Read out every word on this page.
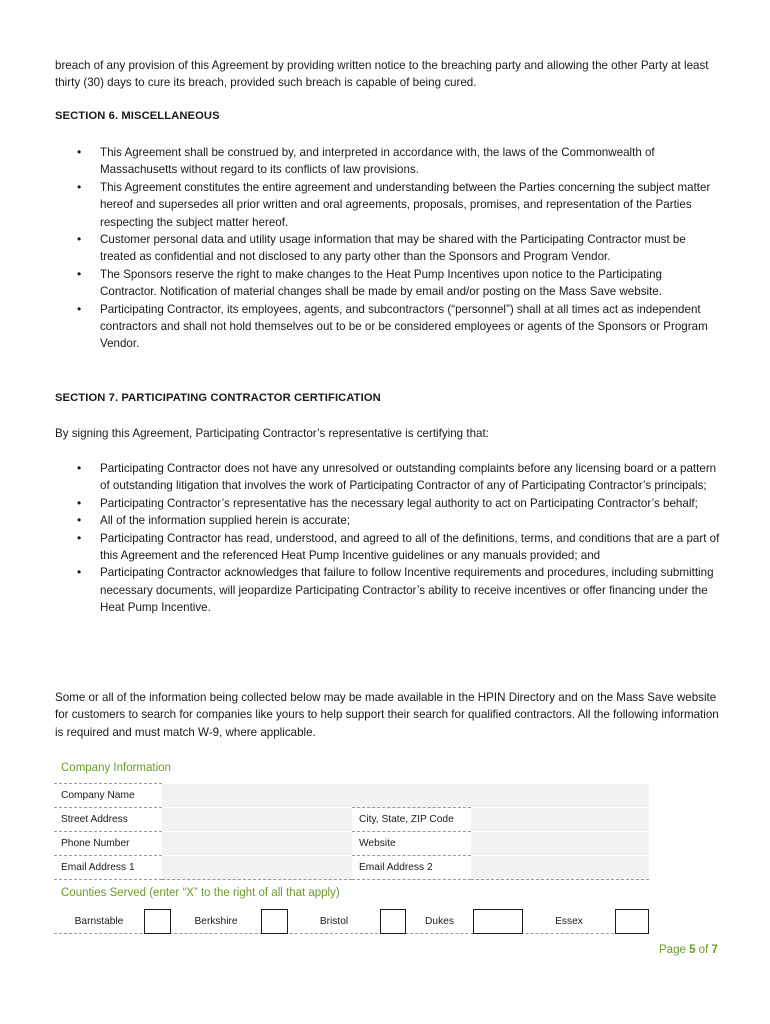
breach of any provision of this Agreement by providing written notice to the breaching party and allowing the other Party at least thirty (30) days to cure its breach, provided such breach is capable of being cured.

SECTION 6. MISCELLANEOUS
• This Agreement shall be construed by, and interpreted in accordance with, the laws of the Commonwealth of Massachusetts without regard to its conflicts of law provisions.
• This Agreement constitutes the entire agreement and understanding between the Parties concerning the subject matter hereof and supersedes all prior written and oral agreements, proposals, promises, and representation of the Parties respecting the subject matter hereof.
• Customer personal data and utility usage information that may be shared with the Participating Contractor must be treated as confidential and not disclosed to any party other than the Sponsors and Program Vendor.
• The Sponsors reserve the right to make changes to the Heat Pump Incentives upon notice to the Participating Contractor. Notification of material changes shall be made by email and/or posting on the Mass Save website.
• Participating Contractor, its employees, agents, and subcontractors (“personnel”) shall at all times act as independent contractors and shall not hold themselves out to be or be considered employees or agents of the Sponsors or Program Vendor.
SECTION 7. PARTICIPATING CONTRACTOR CERTIFICATION

By signing this Agreement, Participating Contractor’s representative is certifying that:

• Participating Contractor does not have any unresolved or outstanding complaints before any licensing board or a pattern of outstanding litigation that involves the work of Participating Contractor of any of Participating Contractor’s principals;
• Participating Contractor’s representative has the necessary legal authority to act on Participating Contractor’s behalf;
• All of the information supplied herein is accurate;
• Participating Contractor has read, understood, and agreed to all of the definitions, terms, and conditions that are a part of this Agreement and the referenced Heat Pump Incentive guidelines or any manuals provided; and
• Participating Contractor acknowledges that failure to follow Incentive requirements and procedures, including submitting necessary documents, will jeopardize Participating Contractor’s ability to receive incentives or offer financing under the Heat Pump Incentive.

Some or all of the information being collected below may be made available in the HPIN Directory and on the Mass Save website for customers to search for companies like yours to help support their search for qualified contractors. All the following information is required and must match W-9, where applicable.

Company Information
Company Name			
Street Address		City, State, ZIP Code	
Phone Number		Website	
Email Address 1		Email Address 2	
Counties Served (enter “X” to the right of all that apply)
Barnstable	Berkshire	Bristol	Dukes	Essex
Page 5 of 7
